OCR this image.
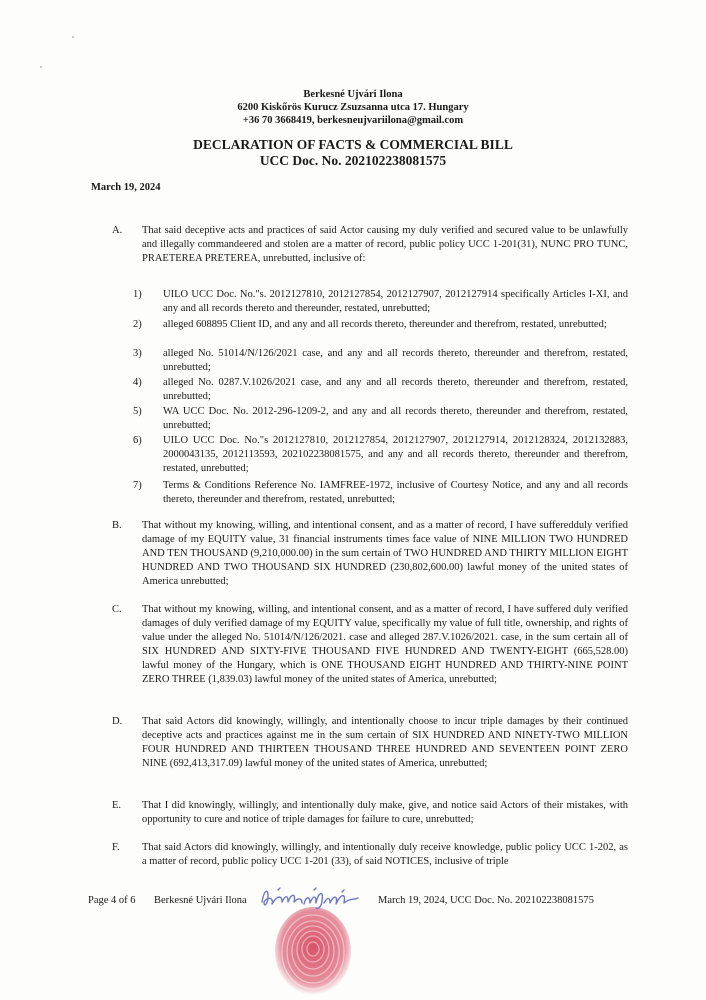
Berkesné Ujvári Ilona
6200 Kiskőrös Kurucz Zsuzsanna utca 17. Hungary
+36 70 3668419, berkesneujvariilona@gmail.com
DECLARATION OF FACTS & COMMERCIAL BILL
UCC Doc. No. 202102238081575
March 19, 2024
A. That said deceptive acts and practices of said Actor causing my duly verified and secured value to be unlawfully and illegally commandeered and stolen are a matter of record, public policy UCC 1-201(31), NUNC PRO TUNC, PRAETEREA PRETEREA, unrebutted, inclusive of:
1) UILO UCC Doc. No."s. 2012127810, 2012127854, 2012127907, 2012127914 specifically Articles I-XI, and any and all records thereto and thereunder, restated, unrebutted;
2) alleged 608895 Client ID, and any and all records thereto, thereunder and therefrom, restated, unrebutted;
3) alleged No. 51014/N/126/2021 case, and any and all records thereto, thereunder and therefrom, restated, unrebutted;
4) alleged No. 0287.V.1026/2021 case, and any and all records thereto, thereunder and therefrom, restated, unrebutted;
5) WA UCC Doc. No. 2012-296-1209-2, and any and all records thereto, thereunder and therefrom, restated, unrebutted;
6) UILO UCC Doc. No."s 2012127810, 2012127854, 2012127907, 2012127914, 2012128324, 2012132883, 2000043135, 2012113593, 202102238081575, and any and all records thereto, thereunder and therefrom, restated, unrebutted;
7) Terms & Conditions Reference No. IAMFREE-1972, inclusive of Courtesy Notice, and any and all records thereto, thereunder and therefrom, restated, unrebutted;
B. That without my knowing, willing, and intentional consent, and as a matter of record, I have sufferedduly verified damage of my EQUITY value, 31 financial instruments times face value of NINE MILLION TWO HUNDRED AND TEN THOUSAND (9,210,000.00) in the sum certain of TWO HUNDRED AND THIRTY MILLION EIGHT HUNDRED AND TWO THOUSAND SIX HUNDRED (230,802,600.00) lawful money of the united states of America unrebutted;
C. That without my knowing, willing, and intentional consent, and as a matter of record, I have suffered duly verified damages of duly verified damage of my EQUITY value, specifically my value of full title, ownership, and rights of value under the alleged No. 51014/N/126/2021. case and alleged 287.V.1026/2021. case, in the sum certain all of SIX HUNDRED AND SIXTY-FIVE THOUSAND FIVE HUNDRED AND TWENTY-EIGHT (665,528.00) lawful money of the Hungary, which is ONE THOUSAND EIGHT HUNDRED AND THIRTY-NINE POINT ZERO THREE (1,839.03) lawful money of the united states of America, unrebutted;
D. That said Actors did knowingly, willingly, and intentionally choose to incur triple damages by their continued deceptive acts and practices against me in the sum certain of SIX HUNDRED AND NINETY-TWO MILLION FOUR HUNDRED AND THIRTEEN THOUSAND THREE HUNDRED AND SEVENTEEN POINT ZERO NINE (692,413,317.09) lawful money of the united states of America, unrebutted;
E. That I did knowingly, willingly, and intentionally duly make, give, and notice said Actors of their mistakes, with opportunity to cure and notice of triple damages for failure to cure, unrebutted;
F. That said Actors did knowingly, willingly, and intentionally duly receive knowledge, public policy UCC 1-202, as a matter of record, public policy UCC 1-201 (33), of said NOTICES, inclusive of triple
Page 4 of 6 Berkesné Ujvári Ilona	March 19, 2024, UCC Doc. No. 202102238081575
